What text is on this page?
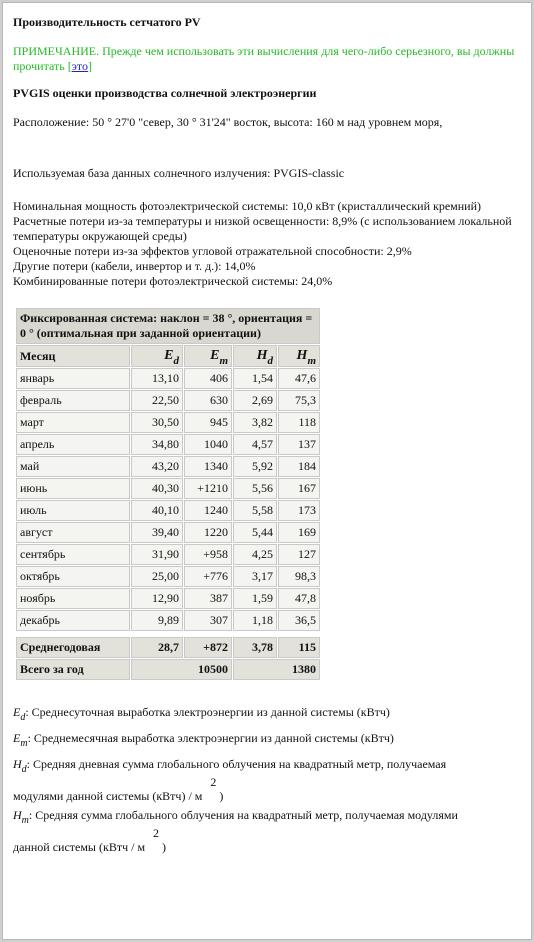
Производительность сетчатого PV
ПРИМЕЧАНИЕ. Прежде чем использовать эти вычисления для чего-либо серьезного, вы должны прочитать [это]
PVGIS оценки производства солнечной электроэнергии
Расположение: 50 ° 27'0 "север, 30 ° 31'24" восток, высота: 160 м над уровнем моря,
Используемая база данных солнечного излучения: PVGIS-classic
Номинальная мощность фотоэлектрической системы: 10,0 кВт (кристаллический кремний)
Расчетные потери из-за температуры и низкой освещенности: 8,9% (с использованием локальной температуры окружающей среды)
Оценочные потери из-за эффектов угловой отражательной способности: 2,9%
Другие потери (кабели, инвертор и т. д.): 14,0%
Комбинированные потери фотоэлектрической системы: 24,0%
Фиксированная система: наклон = 38 °, ориентация = 0 ° (оптимальная при заданной ориентации)				
Месяц	Ed	Em	Hd	Hm
январь	13,10	406	1,54	47,6
февраль	22,50	630	2,69	75,3
март	30,50	945	3,82	118
апрель	34,80	1040	4,57	137
май	43,20	1340	5,92	184
июнь	40,30	+1210	5,56	167
июль	40,10	1240	5,58	173
август	39,40	1220	5,44	169
сентябрь	31,90	+958	4,25	127
октябрь	25,00	+776	3,17	98,3
ноябрь	12,90	387	1,59	47,8
декабрь	9,89	307	1,18	36,5

Среднегодовая	28,7	+872	3,78	115
Всего за год	10500		1380	
$E_d$: Среднесуточная выработка электроэнергии из данной системы (кВтч)
$E_m$: Среднемесячная выработка электроэнергии из данной системы (кВтч)
$H_d$: Средняя дневная сумма глобального облучения на квадратный метр, получаемая
модулями данной системы (кВтч) / м    2 )
$H_m$: Средняя сумма глобального облучения на квадратный метр, получаемая модулями
данной системы (кВтч / м    2 )
